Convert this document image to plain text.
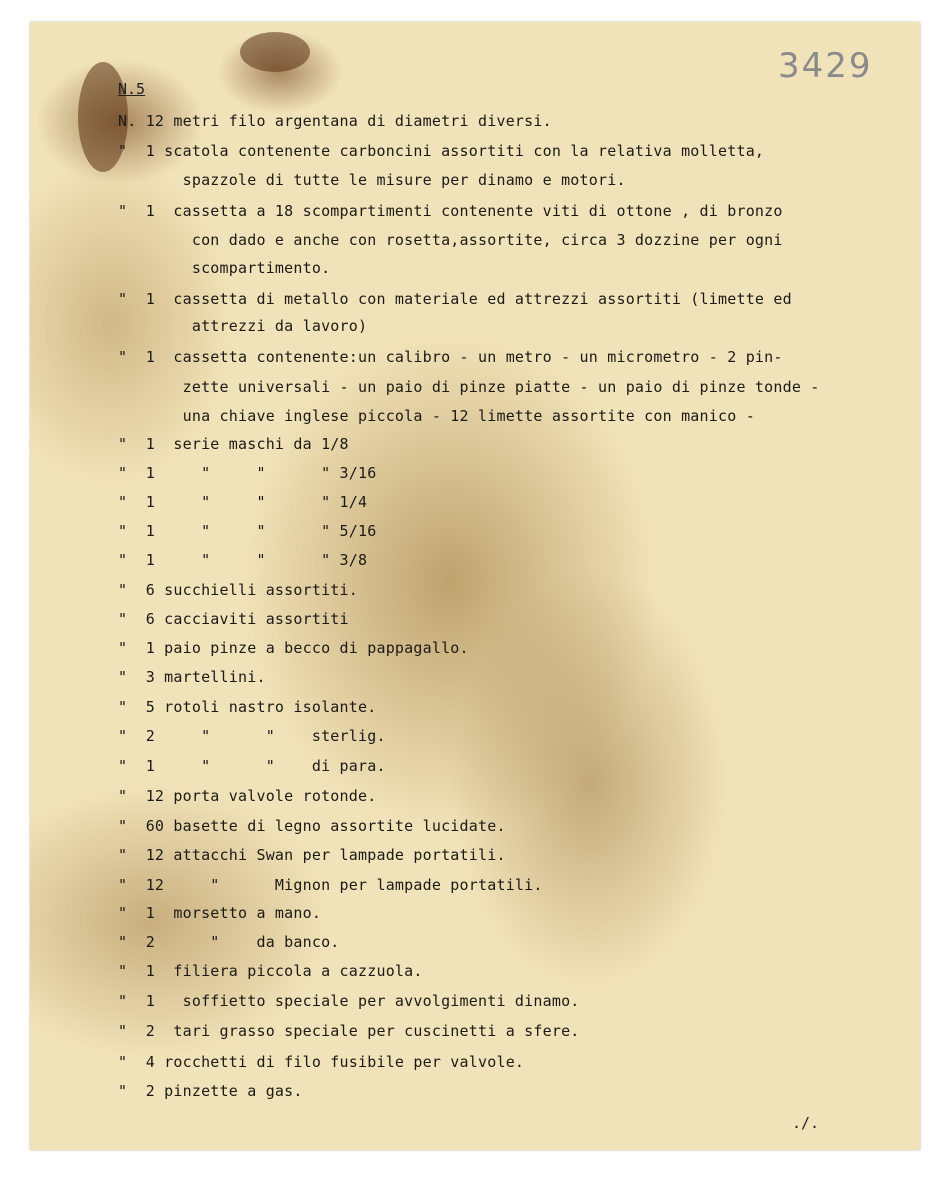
3429
N.5
N. 12 metri filo argentana di diametri diversi.
"  1 scatola contenente carboncini assortiti con la relativa molletta,
spazzole di tutte le misure per dinamo e motori.
"  1  cassetta a 18 scompartimenti contenente viti di ottone , di bronzo
con dado e anche con rosetta,assortite, circa 3 dozzine per ogni
scompartimento.
"  1  cassetta di metallo con materiale ed attrezzi assortiti (limette ed
attrezzi da lavoro)
"  1  cassetta contenente:un calibro - un metro - un micrometro - 2 pin-
zette universali - un paio di pinze piatte - un paio di pinze tonde -
una chiave inglese piccola - 12 limette assortite con manico -
"  1  serie maschi da 1/8
"  1     "     "      " 3/16
"  1     "     "      " 1/4
"  1     "     "      " 5/16
"  1     "     "      " 3/8
"  6 succhielli assortiti.
"  6 cacciaviti assortiti
"  1 paio pinze a becco di pappagallo.
"  3 martellini.
"  5 rotoli nastro isolante.
"  2     "      "    sterlig.
"  1     "      "    di para.
"  12 porta valvole rotonde.
"  60 basette di legno assortite lucidate.
"  12 attacchi Swan per lampade portatili.
"  12     "      Mignon per lampade portatili.
"  1  morsetto a mano.
"  2      "    da banco.
"  1  filiera piccola a cazzuola.
"  1   soffietto speciale per avvolgimenti dinamo.
"  2  tari grasso speciale per cuscinetti a sfere.
"  4 rocchetti di filo fusibile per valvole.
"  2 pinzette a gas.
./.
